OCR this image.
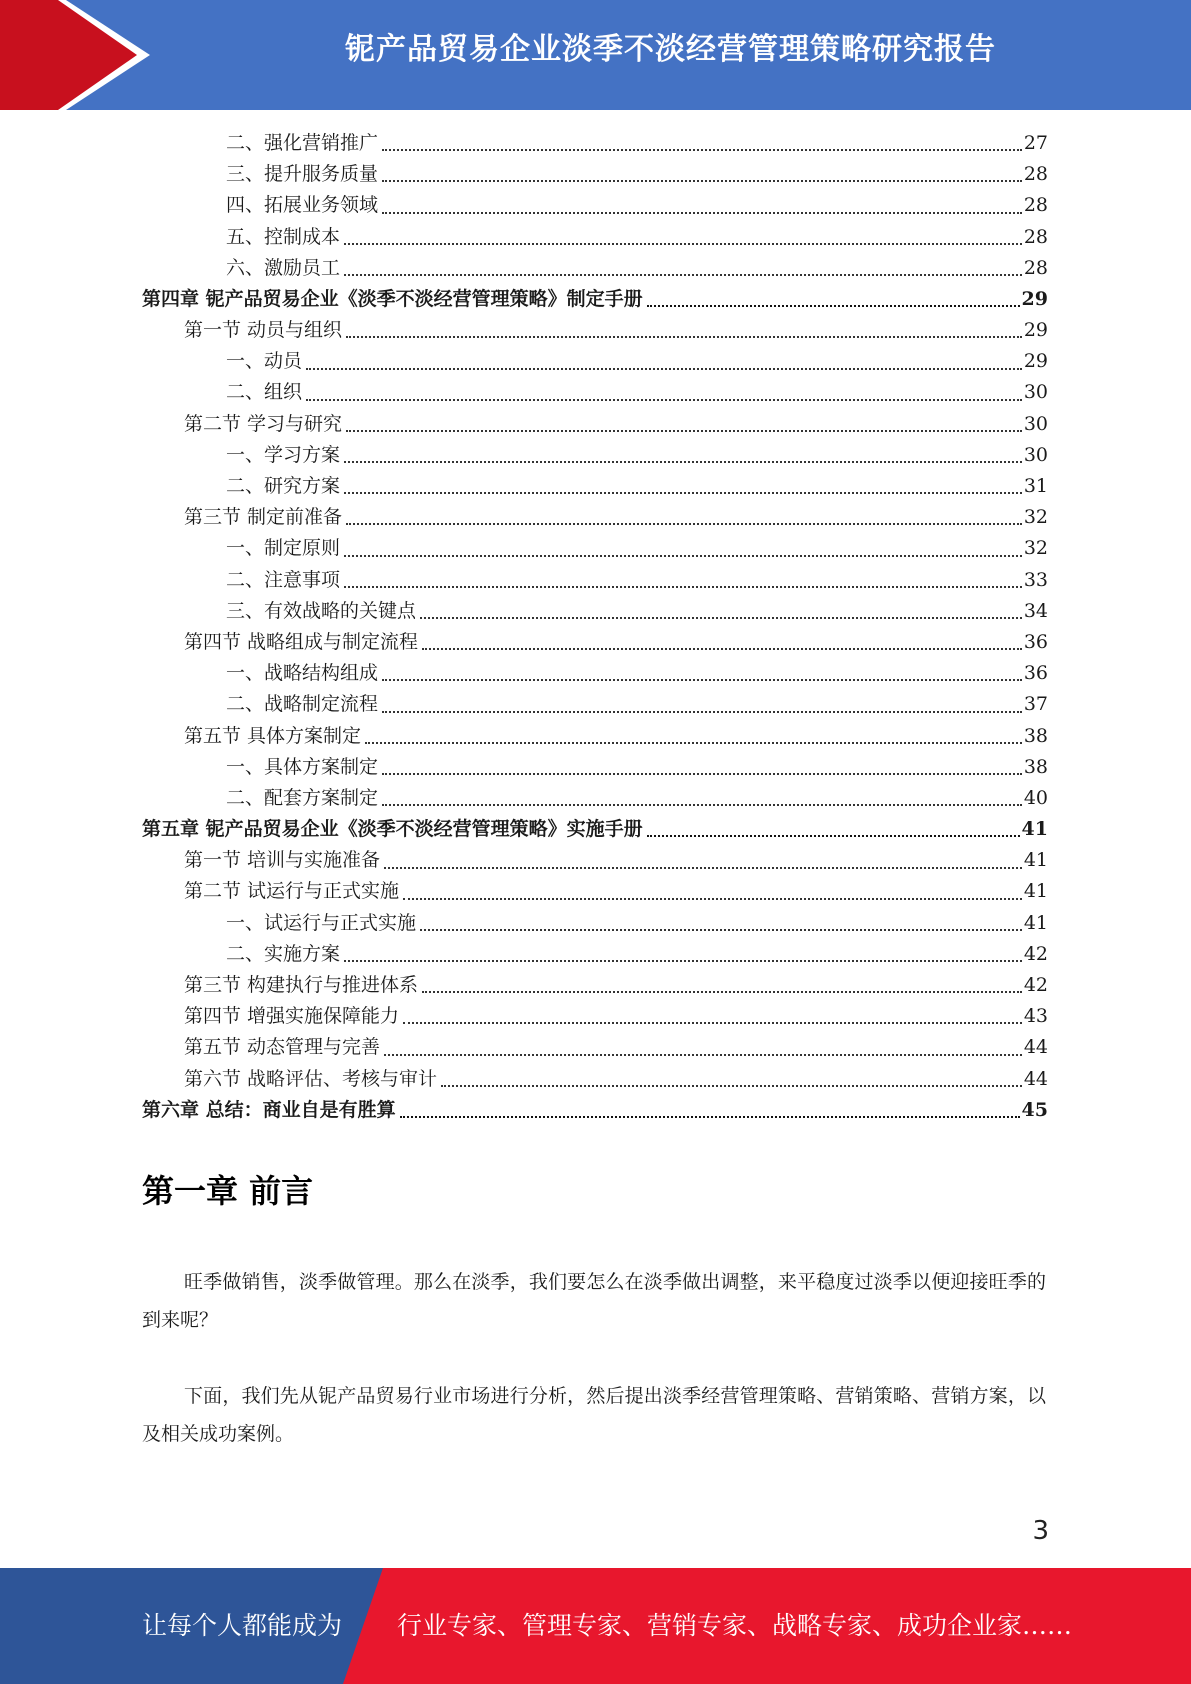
铌产品贸易企业淡季不淡经营管理策略研究报告
二、强化营销推广	27
三、提升服务质量	28
四、拓展业务领域	28
五、控制成本	28
六、激励员工	28
第四章 铌产品贸易企业《淡季不淡经营管理策略》制定手册	29
第一节 动员与组织	29
一、动员	29
二、组织	30
第二节 学习与研究	30
一、学习方案	30
二、研究方案	31
第三节 制定前准备	32
一、制定原则	32
二、注意事项	33
三、有效战略的关键点	34
第四节 战略组成与制定流程	36
一、战略结构组成	36
二、战略制定流程	37
第五节 具体方案制定	38
一、具体方案制定	38
二、配套方案制定	40
第五章 铌产品贸易企业《淡季不淡经营管理策略》实施手册	41
第一节 培训与实施准备	41
第二节 试运行与正式实施	41
一、试运行与正式实施	41
二、实施方案	42
第三节 构建执行与推进体系	42
第四节 增强实施保障能力	43
第五节 动态管理与完善	44
第六节 战略评估、考核与审计	44
第六章 总结：商业自是有胜算	45
第一章 前言

旺季做销售，淡季做管理。那么在淡季，我们要怎么在淡季做出调整，来平稳度过淡季以便迎接旺季的到来呢？

下面，我们先从铌产品贸易行业市场进行分析，然后提出淡季经营管理策略、营销策略、营销方案，以及相关成功案例。

3
让每个人都能成为 行业专家、管理专家、营销专家、战略专家、成功企业家……
